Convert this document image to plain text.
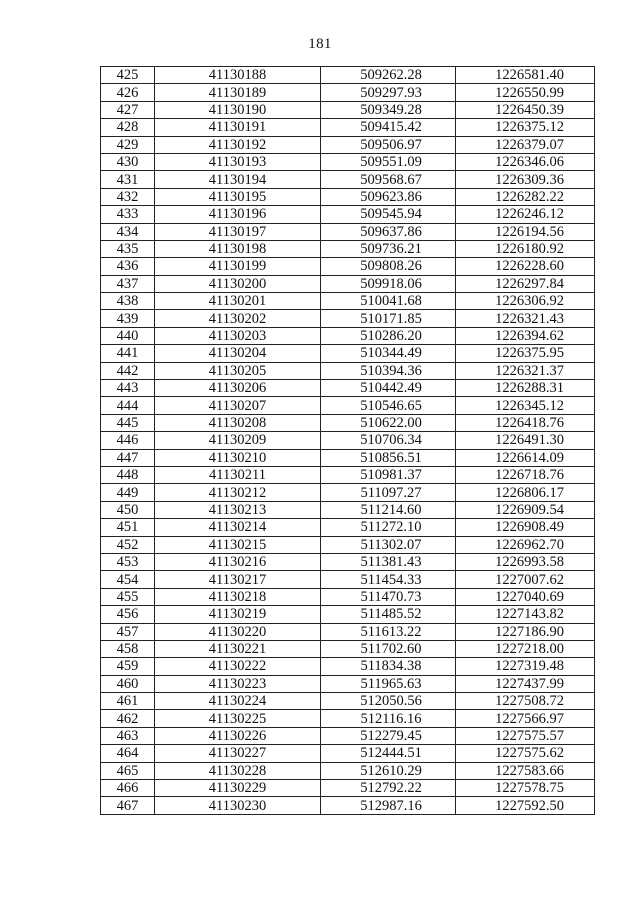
181
425	41130188	509262.28	1226581.40
426	41130189	509297.93	1226550.99
427	41130190	509349.28	1226450.39
428	41130191	509415.42	1226375.12
429	41130192	509506.97	1226379.07
430	41130193	509551.09	1226346.06
431	41130194	509568.67	1226309.36
432	41130195	509623.86	1226282.22
433	41130196	509545.94	1226246.12
434	41130197	509637.86	1226194.56
435	41130198	509736.21	1226180.92
436	41130199	509808.26	1226228.60
437	41130200	509918.06	1226297.84
438	41130201	510041.68	1226306.92
439	41130202	510171.85	1226321.43
440	41130203	510286.20	1226394.62
441	41130204	510344.49	1226375.95
442	41130205	510394.36	1226321.37
443	41130206	510442.49	1226288.31
444	41130207	510546.65	1226345.12
445	41130208	510622.00	1226418.76
446	41130209	510706.34	1226491.30
447	41130210	510856.51	1226614.09
448	41130211	510981.37	1226718.76
449	41130212	511097.27	1226806.17
450	41130213	511214.60	1226909.54
451	41130214	511272.10	1226908.49
452	41130215	511302.07	1226962.70
453	41130216	511381.43	1226993.58
454	41130217	511454.33	1227007.62
455	41130218	511470.73	1227040.69
456	41130219	511485.52	1227143.82
457	41130220	511613.22	1227186.90
458	41130221	511702.60	1227218.00
459	41130222	511834.38	1227319.48
460	41130223	511965.63	1227437.99
461	41130224	512050.56	1227508.72
462	41130225	512116.16	1227566.97
463	41130226	512279.45	1227575.57
464	41130227	512444.51	1227575.62
465	41130228	512610.29	1227583.66
466	41130229	512792.22	1227578.75
467	41130230	512987.16	1227592.50
